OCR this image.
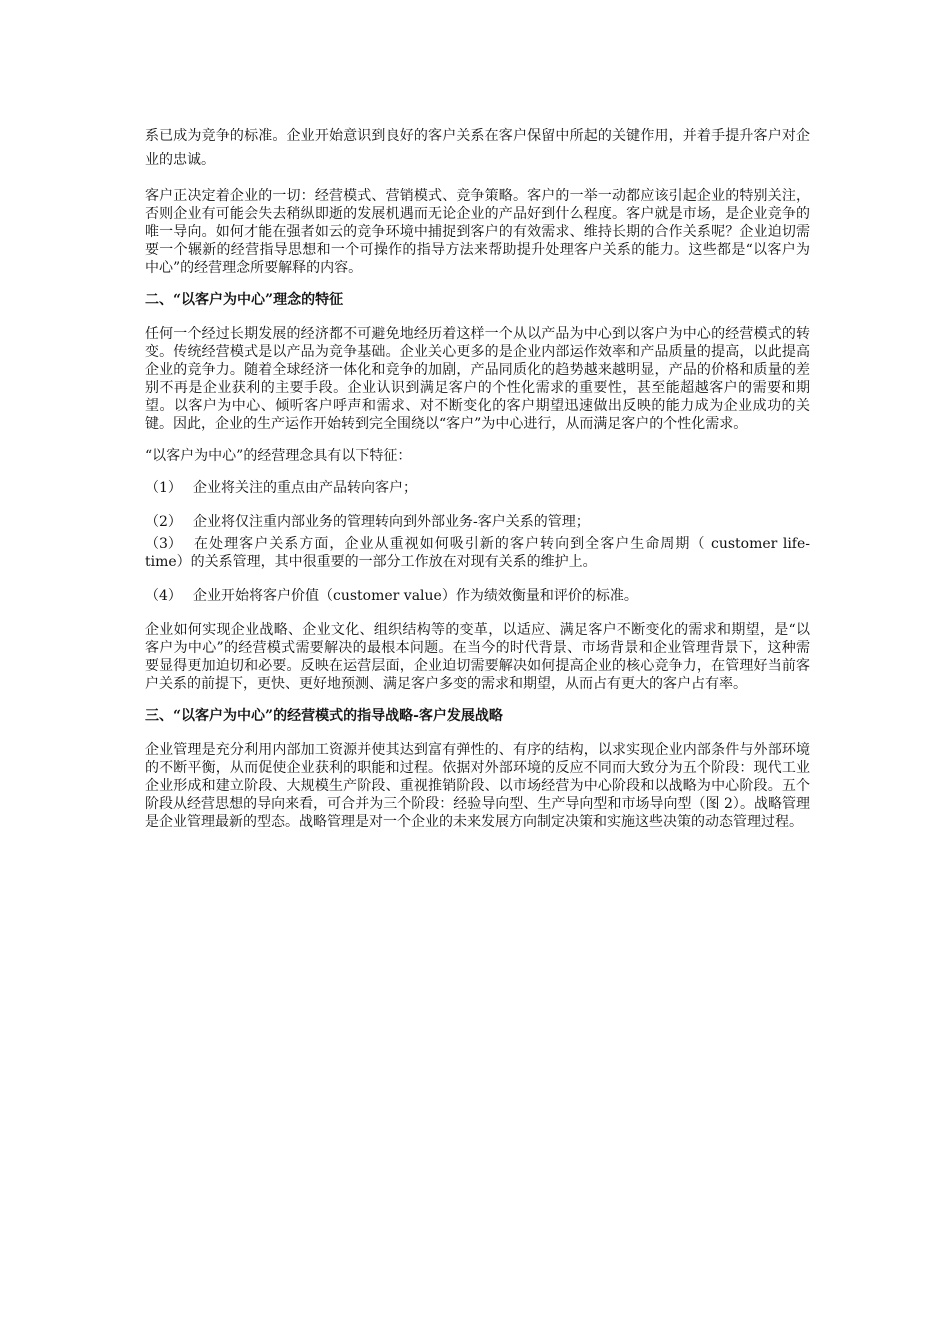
系已成为竞争的标准。企业开始意识到良好的客户关系在客户保留中所起的关键作用，并着手提升客户对企业的忠诚。

客户正决定着企业的一切：经营模式、营销模式、竞争策略。客户的一举一动都应该引起企业的特别关注，否则企业有可能会失去稍纵即逝的发展机遇而无论企业的产品好到什么程度。客户就是市场，是企业竞争的唯一导向。如何才能在强者如云的竞争环境中捕捉到客户的有效需求、维持长期的合作关系呢？企业迫切需要一个辗新的经营指导思想和一个可操作的指导方法来帮助提升处理客户关系的能力。这些都是“以客户为中心”的经营理念所要解释的内容。

二、“以客户为中心”理念的特征

任何一个经过长期发展的经济都不可避免地经历着这样一个从以产品为中心到以客户为中心的经营模式的转变。传统经营模式是以产品为竞争基础。企业关心更多的是企业内部运作效率和产品质量的提高，以此提高企业的竞争力。随着全球经济一体化和竞争的加剧，产品同质化的趋势越来越明显，产品的价格和质量的差别不再是企业获利的主要手段。企业认识到满足客户的个性化需求的重要性，甚至能超越客户的需要和期望。以客户为中心、倾听客户呼声和需求、对不断变化的客户期望迅速做出反映的能力成为企业成功的关键。因此，企业的生产运作开始转到完全围绕以“客户”为中心进行，从而满足客户的个性化需求。

“以客户为中心”的经营理念具有以下特征：

（1） 企业将关注的重点由产品转向客户；

（2） 企业将仅注重内部业务的管理转向到外部业务-客户关系的管理；

（3） 在处理客户关系方面，企业从重视如何吸引新的客户转向到全客户生命周期（ customer life-time）的关系管理，其中很重要的一部分工作放在对现有关系的维护上。

（4） 企业开始将客户价值（customer value）作为绩效衡量和评价的标准。

企业如何实现企业战略、企业文化、组织结构等的变革，以适应、满足客户不断变化的需求和期望，是“以客户为中心”的经营模式需要解决的最根本问题。在当今的时代背景、市场背景和企业管理背景下，这种需要显得更加迫切和必要。反映在运营层面，企业迫切需要解决如何提高企业的核心竞争力，在管理好当前客户关系的前提下，更快、更好地预测、满足客户多变的需求和期望，从而占有更大的客户占有率。

三、“以客户为中心”的经营模式的指导战略-客户发展战略

企业管理是充分利用内部加工资源并使其达到富有弹性的、有序的结构，以求实现企业内部条件与外部环境的不断平衡，从而促使企业获利的职能和过程。依据对外部环境的反应不同而大致分为五个阶段：现代工业企业形成和建立阶段、大规模生产阶段、重视推销阶段、以市场经营为中心阶段和以战略为中心阶段。五个阶段从经营思想的导向来看，可合并为三个阶段：经验导向型、生产导向型和市场导向型（图 2）。战略管理是企业管理最新的型态。战略管理是对一个企业的未来发展方向制定决策和实施这些决策的动态管理过程。
